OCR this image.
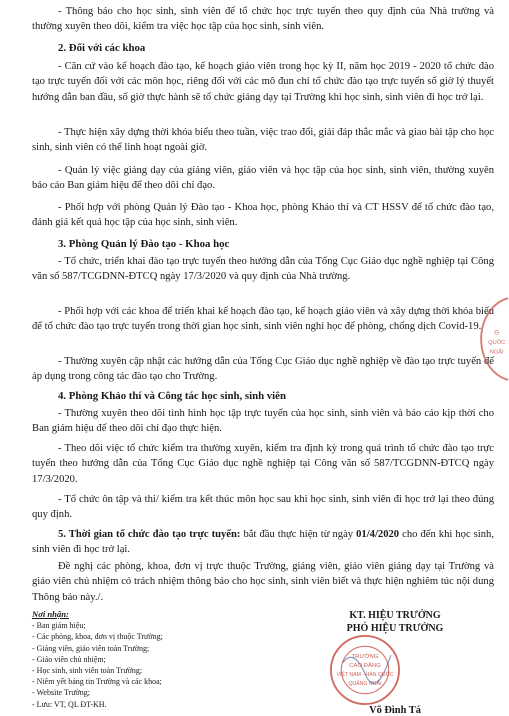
- Thông báo cho học sinh, sinh viên để tổ chức học trực tuyến theo quy định của Nhà trường và thường xuyên theo dõi, kiểm tra việc học tập của học sinh, sinh viên.

2. Đối với các khoa

- Căn cứ vào kế hoạch đào tạo, kế hoạch giáo viên trong học kỳ II, năm học 2019 - 2020 tổ chức đào tạo trực tuyến đối với các môn học, riêng đối với các mô đun chỉ tổ chức đào tạo trực tuyến số giờ lý thuyết hướng dẫn ban đầu, số giờ thực hành sẽ tổ chức giảng dạy tại Trường khi học sinh, sinh viên đi học trở lại.

- Thực hiện xây dựng thời khóa biểu theo tuần, việc trao đổi, giải đáp thắc mắc và giao bài tập cho học sinh, sinh viên có thể linh hoạt ngoài giờ.

- Quản lý việc giảng dạy của giảng viên, giáo viên và học tập của học sinh, sinh viên, thường xuyên báo cáo Ban giám hiệu để theo dõi chỉ đạo.

- Phối hợp với phòng Quản lý Đào tạo - Khoa học, phòng Khảo thí và CT HSSV để tổ chức đào tạo, đánh giá kết quả học tập của học sinh, sinh viên.

3. Phòng Quản lý Đào tạo - Khoa học

- Tổ chức, triển khai đào tạo trực tuyến theo hướng dẫn của Tổng Cục Giáo dục nghề nghiệp tại Công văn số 587/TCGDNN-ĐTCQ ngày 17/3/2020 và quy định của Nhà trường.

- Phối hợp với các khoa để triển khai kế hoạch đào tạo, kế hoạch giáo viên và xây dựng thời khóa biểu để tổ chức đào tạo trực tuyến trong thời gian học sinh, sinh viên nghỉ học để phòng, chống dịch Covid-19.

- Thường xuyên cập nhật các hướng dẫn của Tổng Cục Giáo dục nghề nghiệp về đào tạo trực tuyến để áp dụng trong công tác đào tạo cho Trường.

4. Phòng Khảo thí và Công tác học sinh, sinh viên

- Thường xuyên theo dõi tình hình học tập trực tuyến của học sinh, sinh viên và báo cáo kịp thời cho Ban giám hiệu để theo dõi chỉ đạo thực hiện.

- Theo dõi việc tổ chức kiểm tra thường xuyên, kiểm tra định kỳ trong quá trình tổ chức đào tạo trực tuyến theo hướng dẫn của Tổng Cục Giáo dục nghề nghiệp tại Công văn số 587/TCGDNN-ĐTCQ ngày 17/3/2020.

- Tổ chức ôn tập và thi/ kiểm tra kết thúc môn học sau khi học sinh, sinh viên đi học trở lại theo đúng quy định.

5. Thời gian tổ chức đào tạo trực tuyến: bắt đầu thực hiện từ ngày 01/4/2020 cho đến khi học sinh, sinh viên đi học trở lại.

Nơi nhận:
- Ban giám hiệu;
- Các phòng, khoa, đơn vị thuộc Trường;
- Giảng viên, giáo viên toàn Trường;
- Giáo viên chủ nhiệm;
- Học sinh, sinh viên toàn Trường;
- Niêm yết bảng tin Trường và các khoa;
- Website Trường;
- Lưu: VT, QL ĐT-KH.
KT. HIỆU TRƯỞNG
PHÓ HIỆU TRƯỞNG
TRƯỜNG
CAO ĐẲNG
VIỆT NAM - HÀN QUỐC
QUẢNG NGÃI
Võ Đình Tá
G
QUỐC
NGÃI

Đề nghị các phòng, khoa, đơn vị trực thuộc Trường, giảng viên, giáo viên giảng dạy tại Trường và giáo viên chủ nhiệm có trách nhiệm thông báo cho học sinh, sinh viên biết và thực hiện nghiêm túc nội dung Thông báo này./.
